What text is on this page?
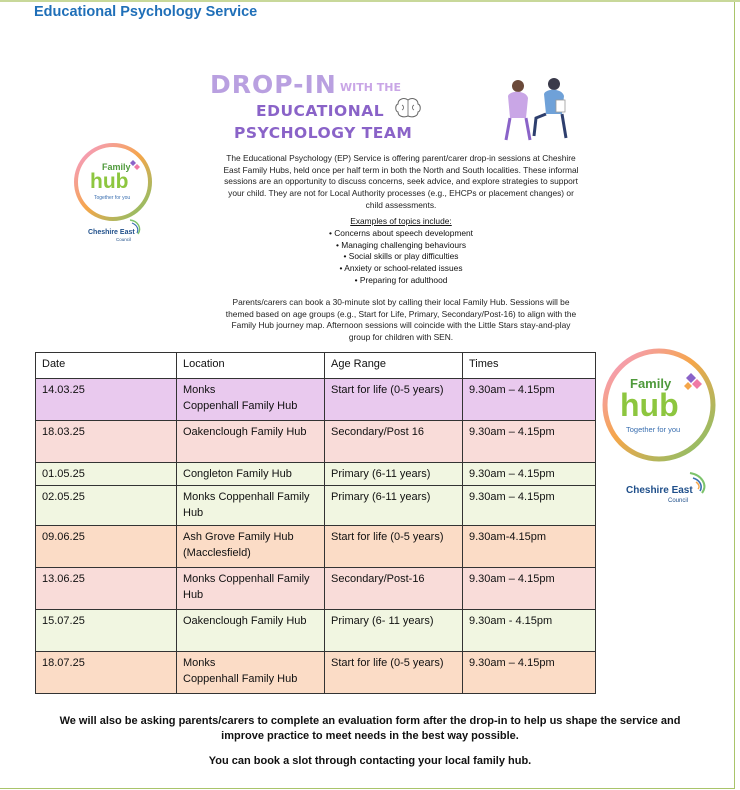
Educational Psychology Service
DROP-IN WITH THE
EDUCATIONAL
PSYCHOLOGY TEAM
The Educational Psychology (EP) Service is offering parent/carer drop-in sessions at Cheshire East Family Hubs, held once per half term in both the North and South localities. These informal sessions are an opportunity to discuss concerns, seek advice, and explore strategies to support your child. They are not for Local Authority processes (e.g., EHCPs or placement changes) or child assessments.
Examples of topics include:
• Concerns about speech development
• Managing challenging behaviours
• Social skills or play difficulties
• Anxiety or school-related issues
• Preparing for adulthood
Parents/carers can book a 30-minute slot by calling their local Family Hub. Sessions will be themed based on age groups (e.g., Start for Life, Primary, Secondary/Post-16) to align with the Family Hub journey map. Afternoon sessions will coincide with the Little Stars stay-and-play group for children with SEN.
Family
hub
Together for you
Cheshire East
Council
Family
hub
Together for you
Cheshire East
Council
Date	Location	Age Range	Times
14.03.25	Monks
Coppenhall Family Hub	Start for life (0-5 years)	9.30am – 4.15pm
18.03.25	Oakenclough Family Hub	Secondary/Post 16	9.30am – 4.15pm
01.05.25	Congleton Family Hub	Primary (6-11 years)	9.30am – 4.15pm
02.05.25	Monks Coppenhall Family Hub	Primary (6-11 years)	9.30am – 4.15pm
09.06.25	Ash Grove Family Hub (Macclesfield)	Start for life (0-5 years)	9.30am-4.15pm
13.06.25	Monks Coppenhall Family Hub	Secondary/Post-16	9.30am – 4.15pm
15.07.25	Oakenclough Family Hub	Primary (6- 11 years)	9.30am - 4.15pm
18.07.25	Monks
Coppenhall Family Hub	Start for life (0-5 years)	9.30am – 4.15pm
We will also be asking parents/carers to complete an evaluation form after the drop-in to help us shape the service and improve practice to meet needs in the best way possible.
You can book a slot through contacting your local family hub.
